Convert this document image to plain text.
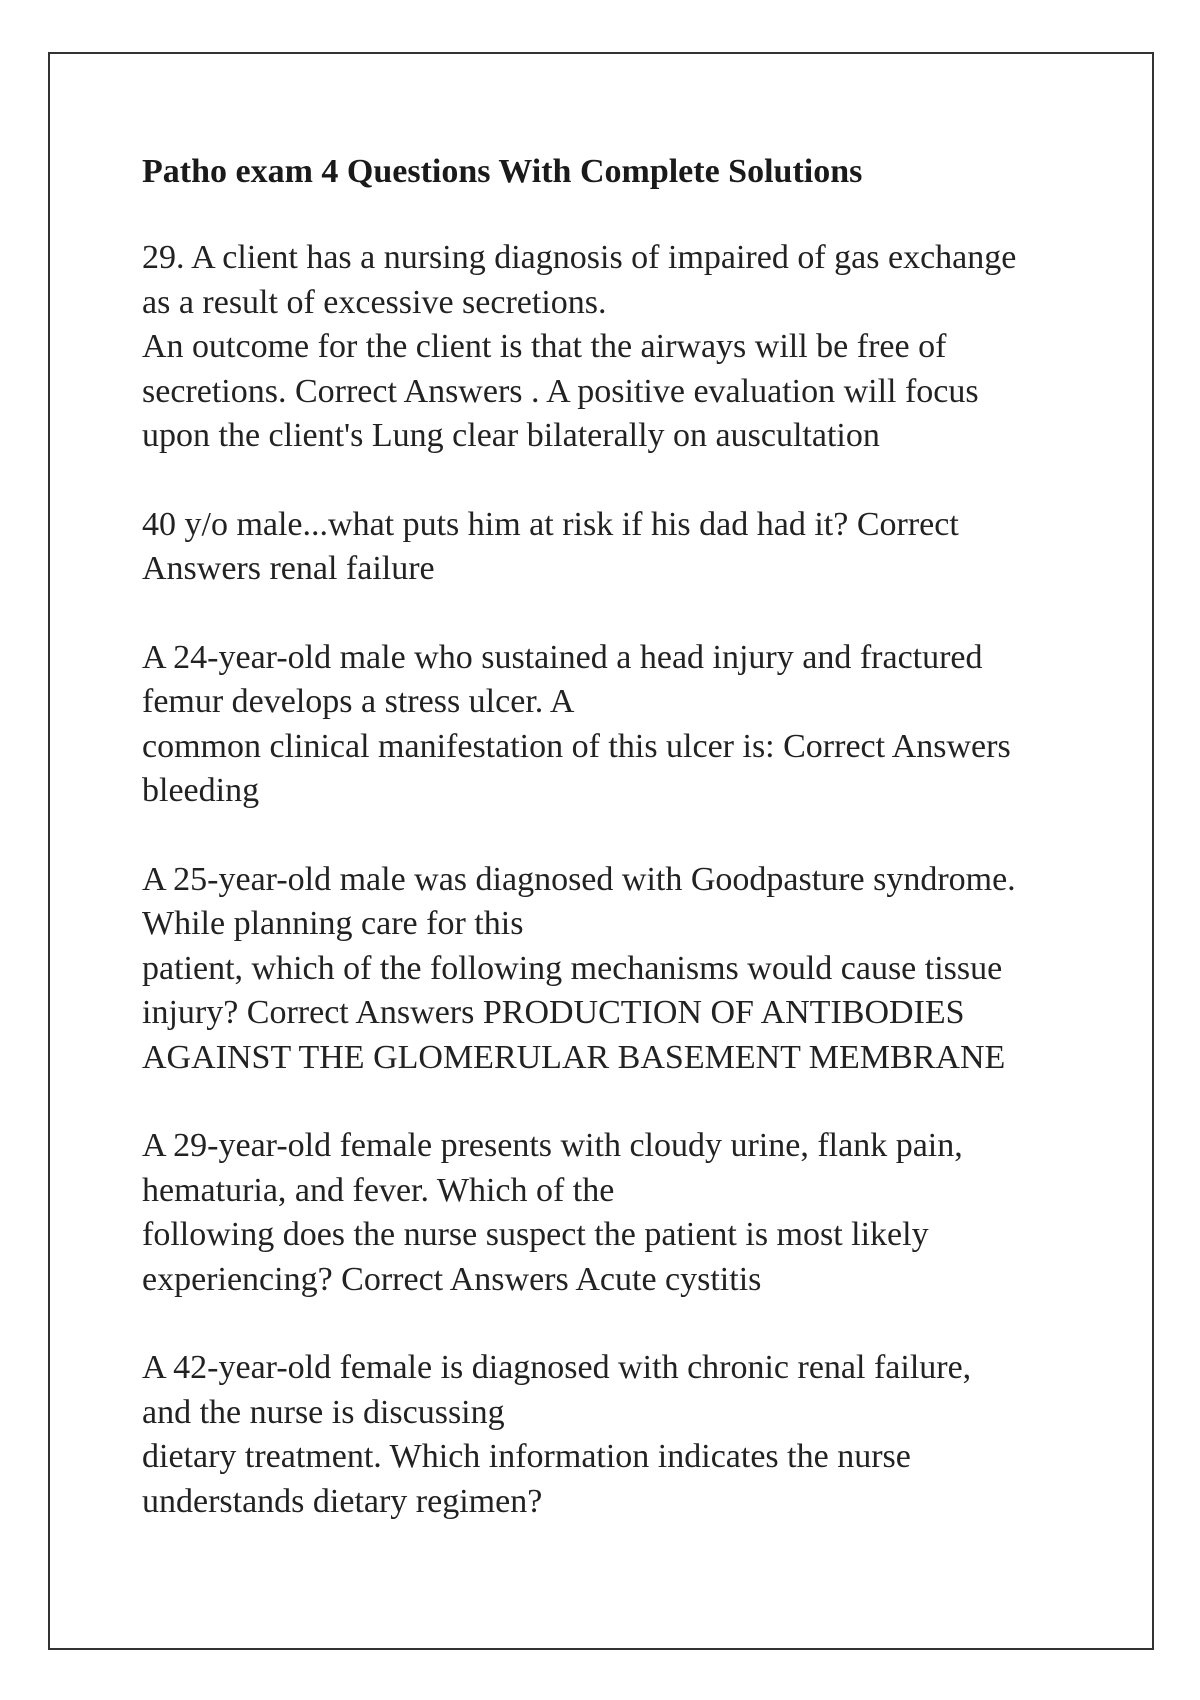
Patho exam 4 Questions With Complete Solutions
29. A client has a nursing diagnosis of impaired of gas exchange
as a result of excessive secretions.
An outcome for the client is that the airways will be free of
secretions. Correct Answers . A positive evaluation will focus
upon the client's Lung clear bilaterally on auscultation
40 y/o male...what puts him at risk if his dad had it? Correct
Answers renal failure
A 24-year-old male who sustained a head injury and fractured
femur develops a stress ulcer. A
common clinical manifestation of this ulcer is: Correct Answers
bleeding
A 25-year-old male was diagnosed with Goodpasture syndrome.
While planning care for this
patient, which of the following mechanisms would cause tissue
injury? Correct Answers PRODUCTION OF ANTIBODIES
AGAINST THE GLOMERULAR BASEMENT MEMBRANE
A 29-year-old female presents with cloudy urine, flank pain,
hematuria, and fever. Which of the
following does the nurse suspect the patient is most likely
experiencing? Correct Answers Acute cystitis
A 42-year-old female is diagnosed with chronic renal failure,
and the nurse is discussing
dietary treatment. Which information indicates the nurse
understands dietary regimen?
